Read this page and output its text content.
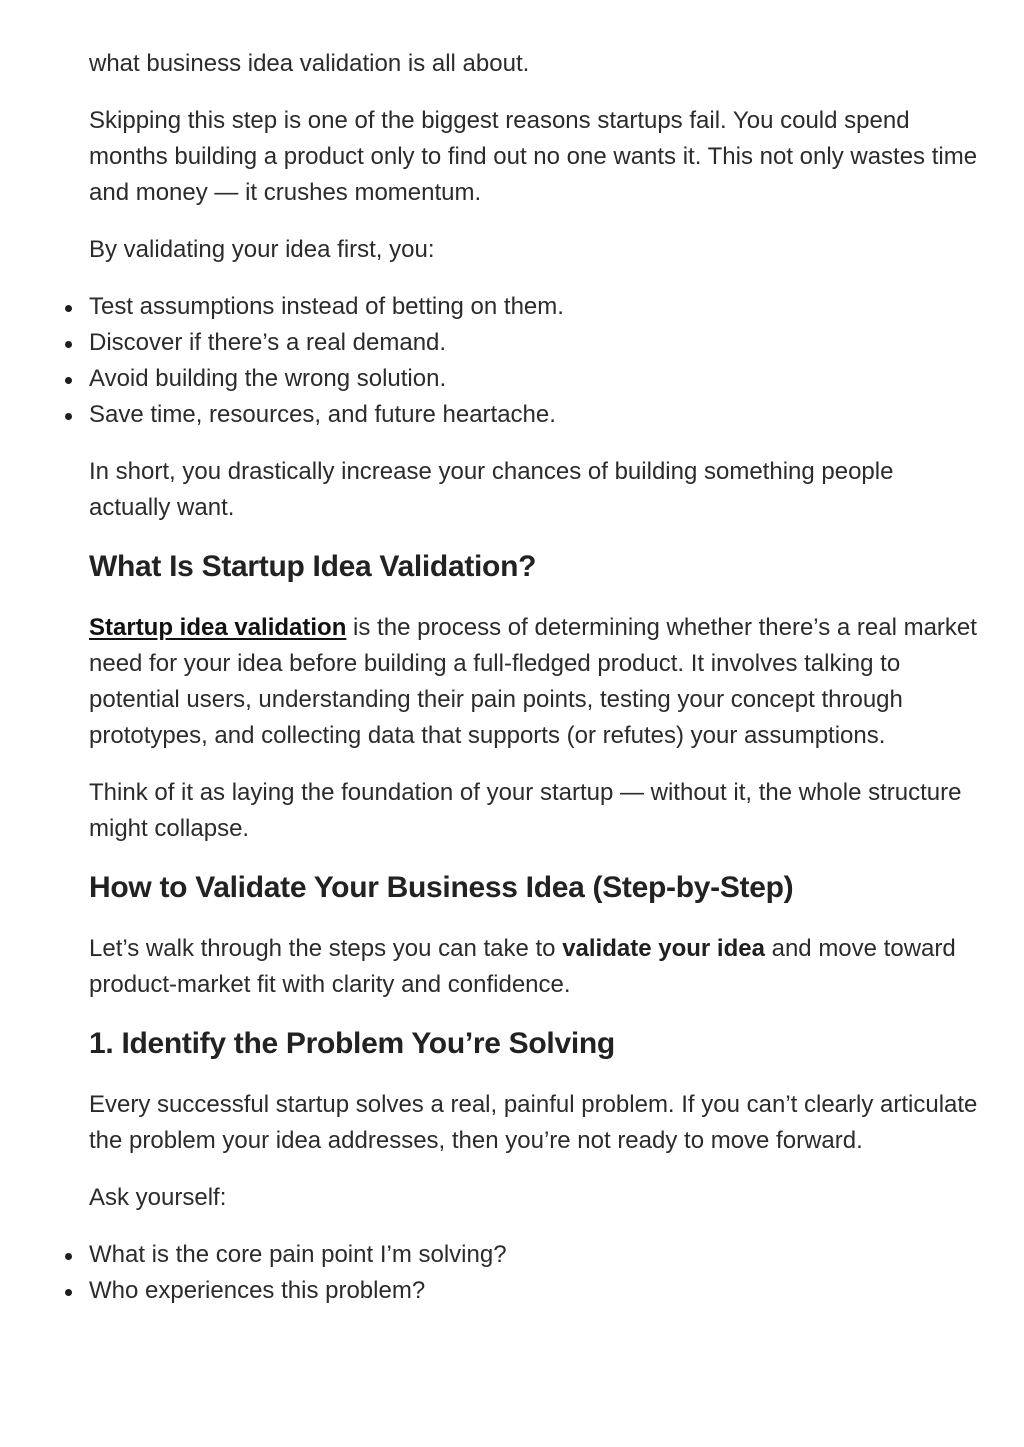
what business idea validation is all about.

Skipping this step is one of the biggest reasons startups fail. You could spend months building a product only to find out no one wants it. This not only wastes time and money — it crushes momentum.

By validating your idea first, you:

Test assumptions instead of betting on them.
Discover if there’s a real demand.
Avoid building the wrong solution.
Save time, resources, and future heartache.

In short, you drastically increase your chances of building something people actually want.

What Is Startup Idea Validation?

Startup idea validation is the process of determining whether there’s a real market need for your idea before building a full-fledged product. It involves talking to potential users, understanding their pain points, testing your concept through prototypes, and collecting data that supports (or refutes) your assumptions.

Think of it as laying the foundation of your startup — without it, the whole structure might collapse.

How to Validate Your Business Idea (Step-by-Step)

Let’s walk through the steps you can take to validate your idea and move toward product-market fit with clarity and confidence.

1. Identify the Problem You’re Solving

Every successful startup solves a real, painful problem. If you can’t clearly articulate the problem your idea addresses, then you’re not ready to move forward.

Ask yourself:

What is the core pain point I’m solving?
Who experiences this problem?
